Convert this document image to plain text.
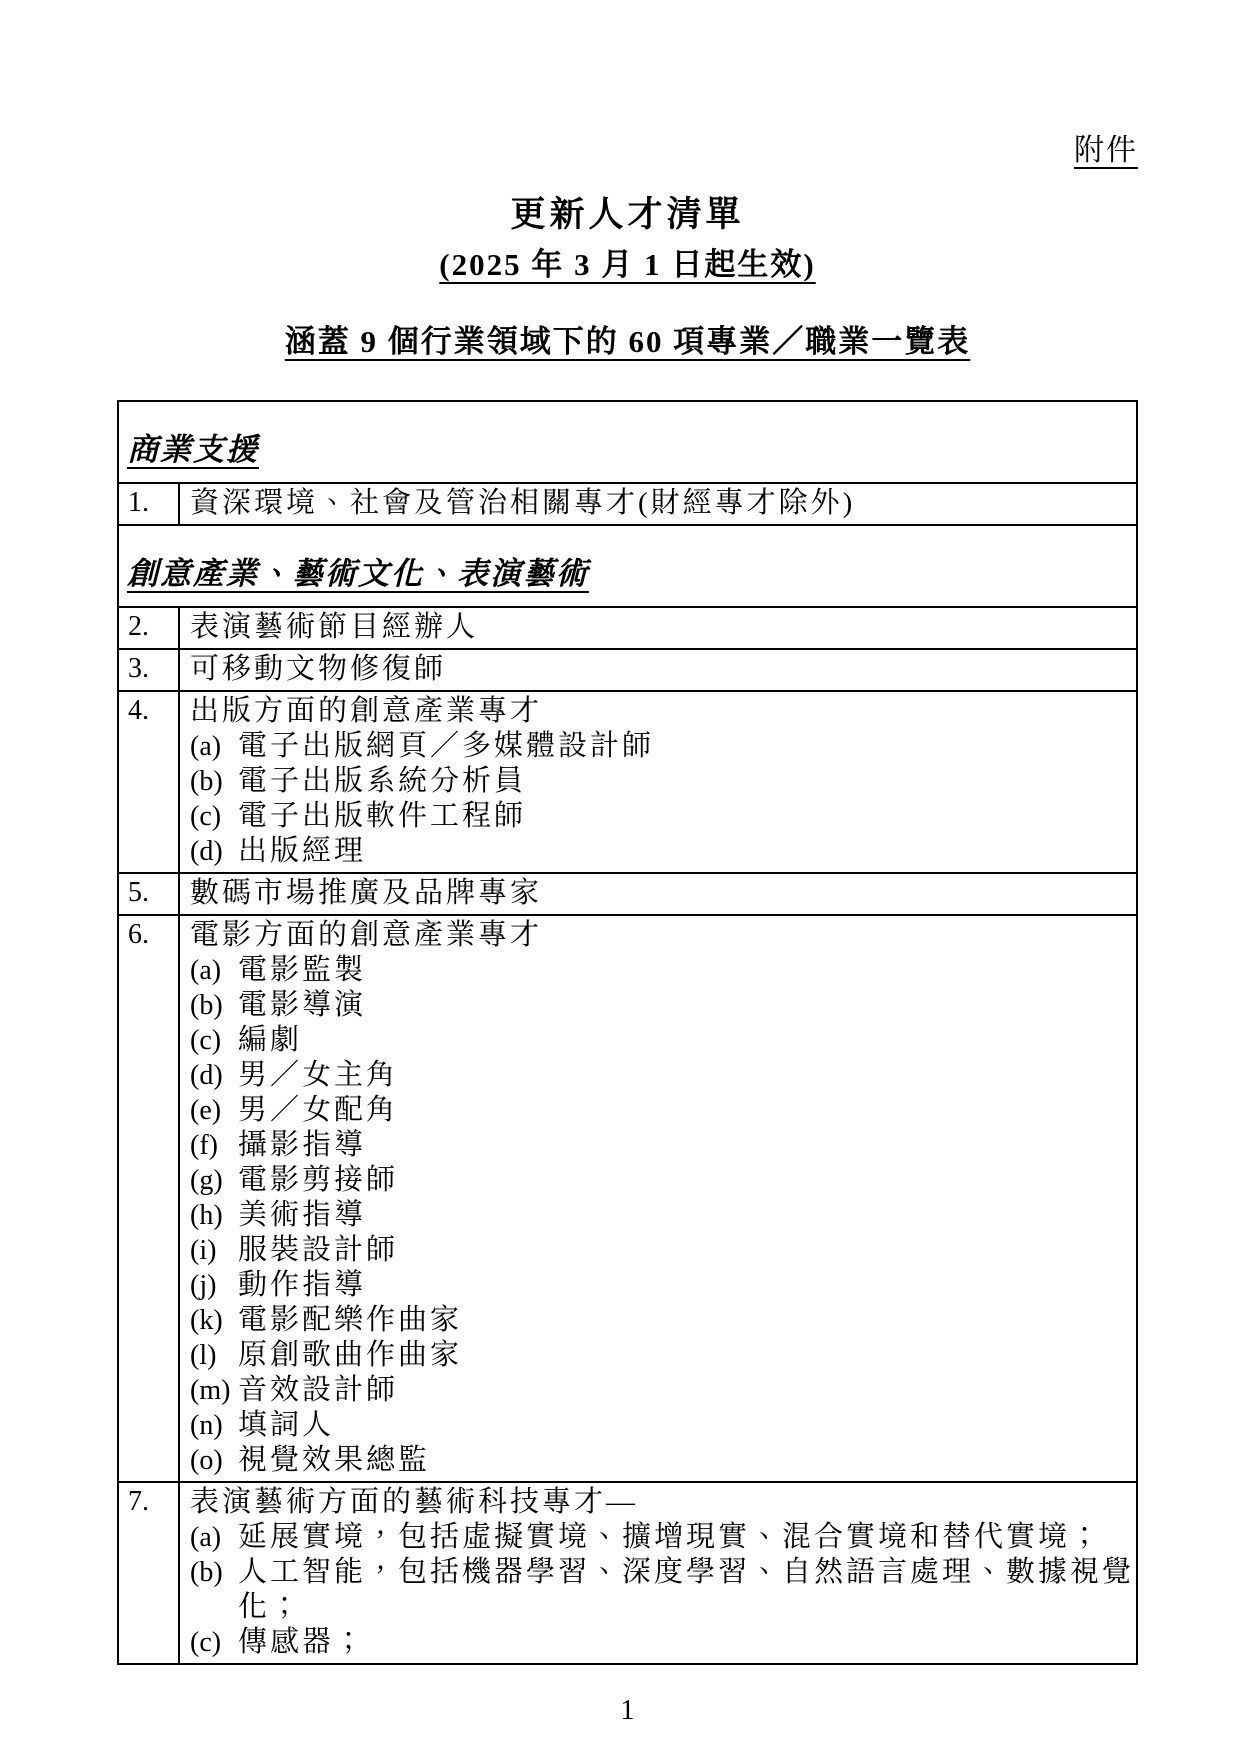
附件
更新人才清單
(2025 年 3 月 1 日起生效)
涵蓋 9 個行業領域下的 60 項專業／職業一覽表
商業支援
1.	資深環境、社會及管治相關專才(財經專才除外)
創意產業、藝術文化、表演藝術
2.	表演藝術節目經辦人
3.	可移動文物修復師
4.	出版方面的創意產業專才
(a) 電子出版網頁／多媒體設計師
(b) 電子出版系統分析員
(c) 電子出版軟件工程師
(d) 出版經理
5.	數碼市場推廣及品牌專家
6.	電影方面的創意產業專才
(a) 電影監製
(b) 電影導演
(c) 編劇
(d) 男／女主角
(e) 男／女配角
(f) 攝影指導
(g) 電影剪接師
(h) 美術指導
(i) 服裝設計師
(j) 動作指導
(k) 電影配樂作曲家
(l) 原創歌曲作曲家
(m) 音效設計師
(n) 填詞人
(o) 視覺效果總監
7.	表演藝術方面的藝術科技專才—
(a) 延展實境，包括虛擬實境、擴增現實、混合實境和替代實境；
(b) 人工智能，包括機器學習、深度學習、自然語言處理、數據視覺化；
(c) 傳感器；
1
